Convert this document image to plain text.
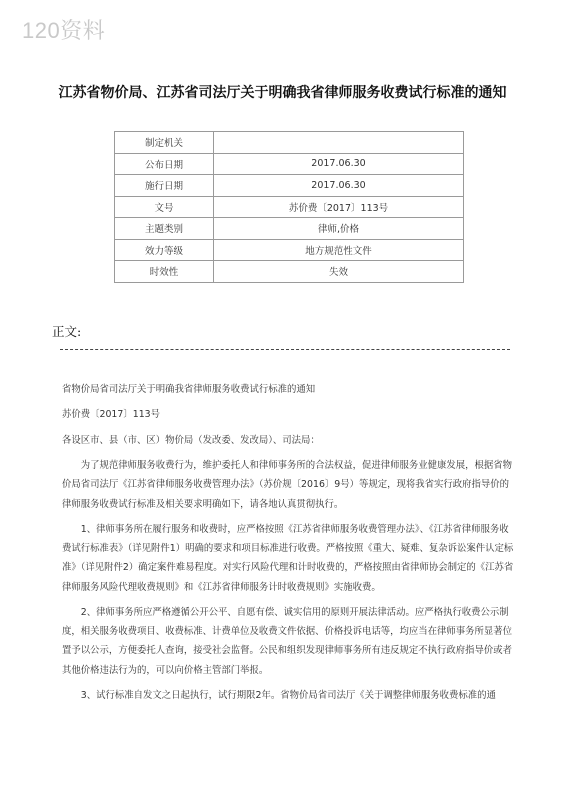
120资料
江苏省物价局、江苏省司法厅关于明确我省律师服务收费试行标准的通知
制定机关	
公布日期	2017.06.30
施行日期	2017.06.30
文号	苏价费〔2017〕113号
主题类别	律师,价格
效力等级	地方规范性文件
时效性	失效
正文:

省物价局省司法厅关于明确我省律师服务收费试行标准的通知

苏价费〔2017〕113号

各设区市、县（市、区）物价局（发改委、发改局）、司法局：

为了规范律师服务收费行为，维护委托人和律师事务所的合法权益，促进律师服务业健康发展，根据省物价局省司法厅《江苏省律师服务收费管理办法》（苏价规〔2016〕9号）等规定，现将我省实行政府指导价的律师服务收费试行标准及相关要求明确如下，请各地认真贯彻执行。

1、律师事务所在履行服务和收费时，应严格按照《江苏省律师服务收费管理办法》、《江苏省律师服务收费试行标准表》（详见附件1）明确的要求和项目标准进行收费。严格按照《重大、疑难、复杂诉讼案件认定标准》（详见附件2）确定案件难易程度。对实行风险代理和计时收费的，严格按照由省律师协会制定的《江苏省律师服务风险代理收费规则》和《江苏省律师服务计时收费规则》实施收费。

2、律师事务所应严格遵循公开公平、自愿有偿、诚实信用的原则开展法律活动。应严格执行收费公示制度，相关服务收费项目、收费标准、计费单位及收费文件依据、价格投诉电话等，均应当在律师事务所显著位置予以公示，方便委托人查询，接受社会监督。公民和组织发现律师事务所有违反规定不执行政府指导价或者其他价格违法行为的，可以向价格主管部门举报。

3、试行标准自发文之日起执行，试行期限2年。省物价局省司法厅《关于调整律师服务收费标准的通
